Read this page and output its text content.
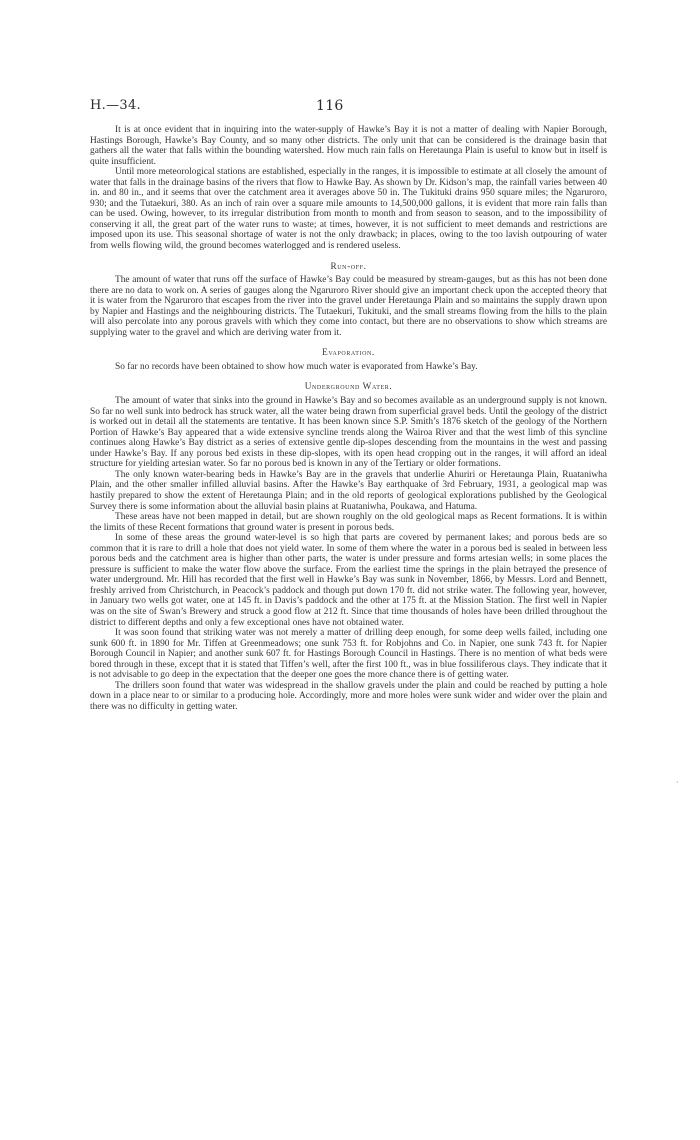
H.—34.	116

It is at once evident that in inquiring into the water-supply of Hawke’s Bay it is not a matter of dealing with Napier Borough, Hastings Borough, Hawke’s Bay County, and so many other districts. The only unit that can be considered is the drainage basin that gathers all the water that falls within the bounding watershed. How much rain falls on Heretaunga Plain is useful to know but in itself is quite insufficient.

Until more meteorological stations are established, especially in the ranges, it is impossible to estimate at all closely the amount of water that falls in the drainage basins of the rivers that flow to Hawke Bay. As shown by Dr. Kidson’s map, the rainfall varies between 40 in. and 80 in., and it seems that over the catchment area it averages above 50 in. The Tukituki drains 950 square miles; the Ngaruroro, 930; and the Tutaekuri, 380. As an inch of rain over a square mile amounts to 14,500,000 gallons, it is evident that more rain falls than can be used. Owing, however, to its irregular distribution from month to month and from season to season, and to the impossibility of conserving it all, the great part of the water runs to waste; at times, however, it is not sufficient to meet demands and restrictions are imposed upon its use. This seasonal shortage of water is not the only drawback; in places, owing to the too lavish outpouring of water from wells flowing wild, the ground becomes waterlogged and is rendered useless.

Run-off.

The amount of water that runs off the surface of Hawke’s Bay could be measured by stream-gauges, but as this has not been done there are no data to work on. A series of gauges along the Ngaruroro River should give an important check upon the accepted theory that it is water from the Ngaruroro that escapes from the river into the gravel under Heretaunga Plain and so maintains the supply drawn upon by Napier and Hastings and the neighbouring districts. The Tutaekuri, Tukituki, and the small streams flowing from the hills to the plain will also percolate into any porous gravels with which they come into contact, but there are no observations to show which streams are supplying water to the gravel and which are deriving water from it.

Evaporation.

So far no records have been obtained to show how much water is evaporated from Hawke’s Bay.

Underground Water.

The amount of water that sinks into the ground in Hawke’s Bay and so becomes available as an underground supply is not known. So far no well sunk into bedrock has struck water, all the water being drawn from superficial gravel beds. Until the geology of the district is worked out in detail all the statements are tentative. It has been known since S.P. Smith’s 1876 sketch of the geology of the Northern Portion of Hawke’s Bay appeared that a wide extensive syncline trends along the Wairoa River and that the west limb of this syncline continues along Hawke’s Bay district as a series of extensive gentle dip-slopes descending from the mountains in the west and passing under Hawke’s Bay. If any porous bed exists in these dip-slopes, with its open head cropping out in the ranges, it will afford an ideal structure for yielding artesian water. So far no porous bed is known in any of the Tertiary or older formations.

The only known water-bearing beds in Hawke’s Bay are in the gravels that underlie Ahuriri or Heretaunga Plain, Ruataniwha Plain, and the other smaller infilled alluvial basins. After the Hawke’s Bay earthquake of 3rd February, 1931, a geological map was hastily prepared to show the extent of Heretaunga Plain; and in the old reports of geological explorations published by the Geological Survey there is some information about the alluvial basin plains at Ruataniwha, Poukawa, and Hatuma.

These areas have not been mapped in detail, but are shown roughly on the old geological maps as Recent formations. It is within the limits of these Recent formations that ground water is present in porous beds.

In some of these areas the ground water-level is so high that parts are covered by permanent lakes; and porous beds are so common that it is rare to drill a hole that does not yield water. In some of them where the water in a porous bed is sealed in between less porous beds and the catchment area is higher than other parts, the water is under pressure and forms artesian wells; in some places the pressure is sufficient to make the water flow above the surface. From the earliest time the springs in the plain betrayed the presence of water underground. Mr. Hill has recorded that the first well in Hawke’s Bay was sunk in November, 1866, by Messrs. Lord and Bennett, freshly arrived from Christchurch, in Peacock’s paddock and though put down 170 ft. did not strike water. The following year, however, in January two wells got water, one at 145 ft. in Davis’s paddock and the other at 175 ft. at the Mission Station. The first well in Napier was on the site of Swan’s Brewery and struck a good flow at 212 ft. Since that time thousands of holes have been drilled throughout the district to different depths and only a few exceptional ones have not obtained water.

It was soon found that striking water was not merely a matter of drilling deep enough, for some deep wells failed, including one sunk 600 ft. in 1890 for Mr. Tiffen at Greenmeadows; one sunk 753 ft. for Robjohns and Co. in Napier, one sunk 743 ft. for Napier Borough Council in Napier; and another sunk 607 ft. for Hastings Borough Council in Hastings. There is no mention of what beds were bored through in these, except that it is stated that Tiffen’s well, after the first 100 ft., was in blue fossiliferous clays. They indicate that it is not advisable to go deep in the expectation that the deeper one goes the more chance there is of getting water.

The drillers soon found that water was widespread in the shallow gravels under the plain and could be reached by putting a hole down in a place near to or similar to a producing hole. Accordingly, more and more holes were sunk wider and wider over the plain and there was no difficulty in getting water.

·
